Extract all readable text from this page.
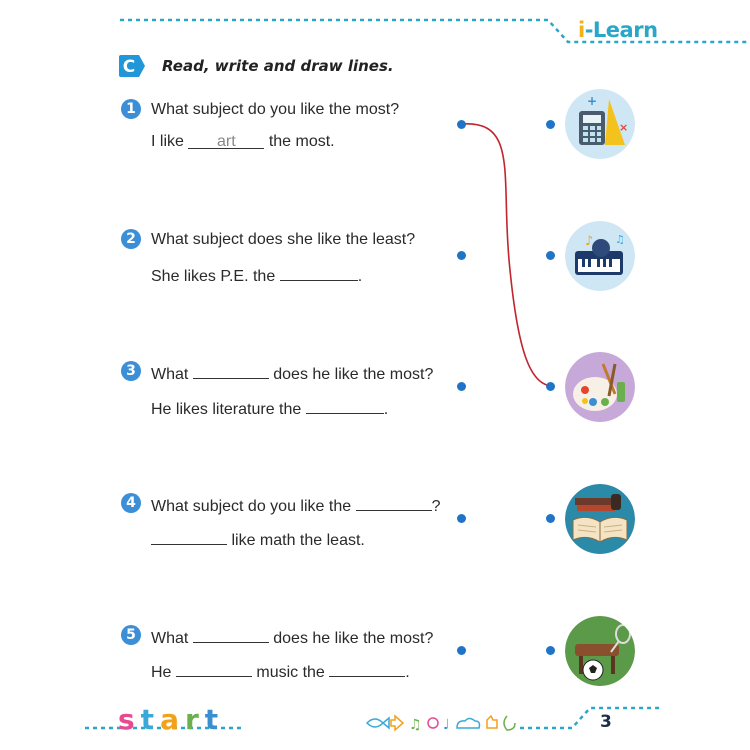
i-Learn
C Read, write and draw lines.
1 What subject do you like the most?
I like art the most.
2 What subject does she like the least?
She likes P.E. the	.
3 What	does he like the most?
He likes literature the	.
4 What subject do you like the	?
like math the least.
5 What	does he like the most?
He	music the	.
+
×
♪ ♫
start	♫ ♩	3
